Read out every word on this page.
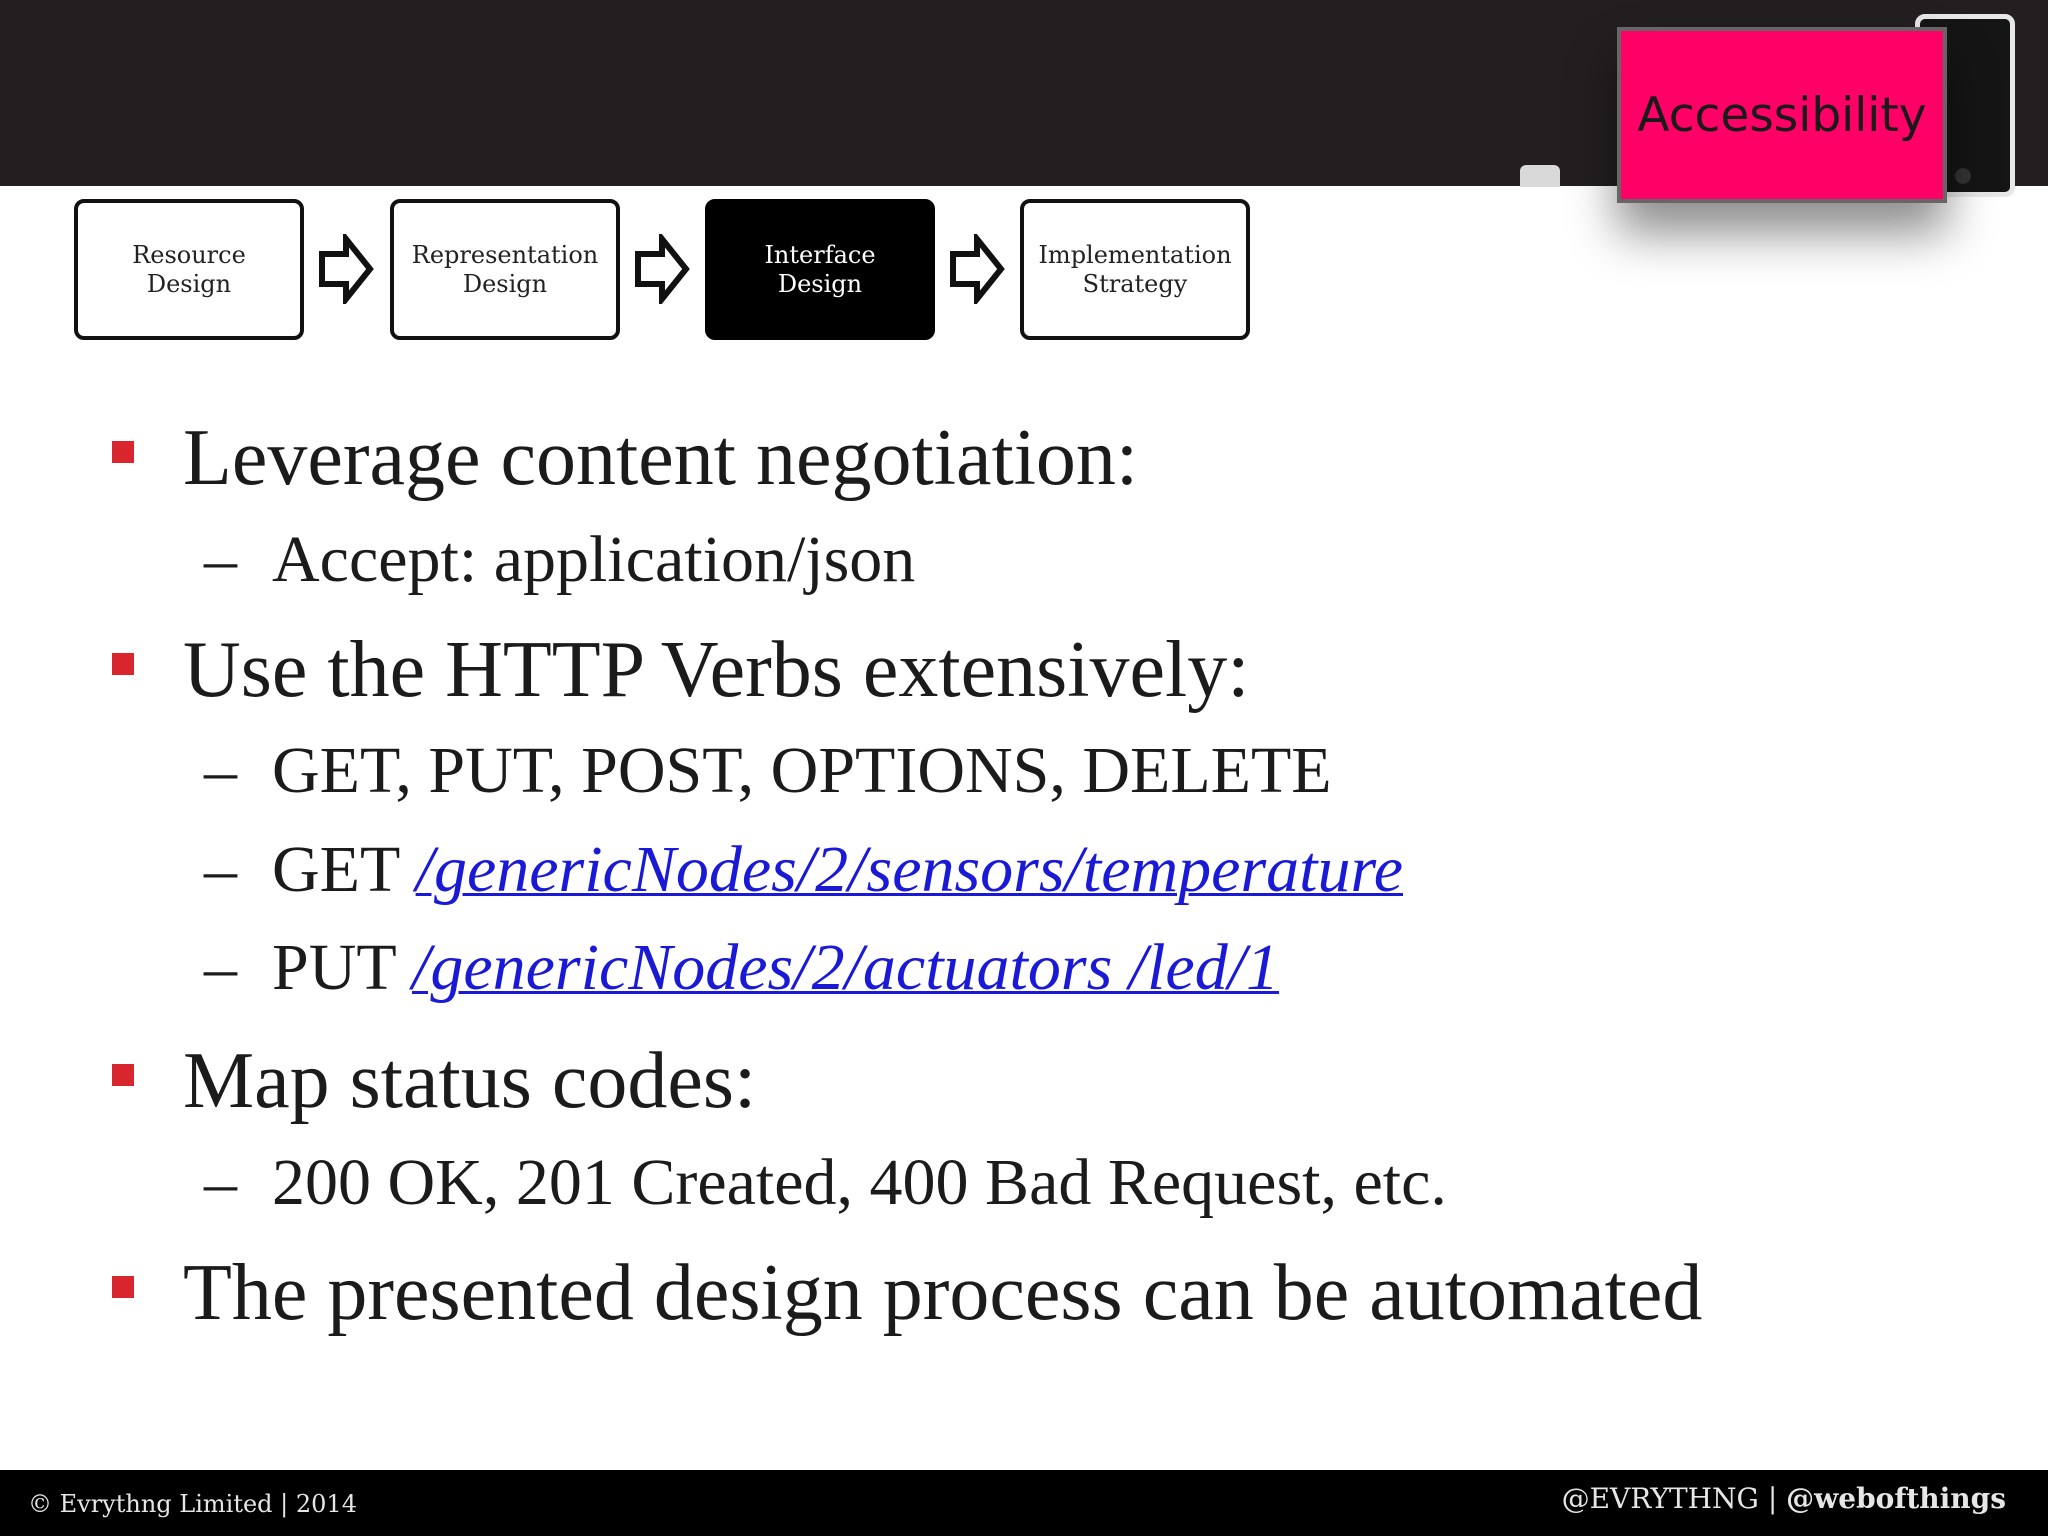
Accessibility
Resource
Design
Representation
Design
Interface
Design
Implementation
Strategy
Leverage content negotiation:
– Accept: application/json
Use the HTTP Verbs extensively:
– GET, PUT, POST, OPTIONS, DELETE
– GET /genericNodes/2/sensors/temperature
– PUT /genericNodes/2/actuators /led/1
Map status codes:
– 200 OK, 201 Created, 400 Bad Request, etc.
The presented design process can be automated
© Evrythng Limited | 2014	@EVRYTHNG | @webofthings
